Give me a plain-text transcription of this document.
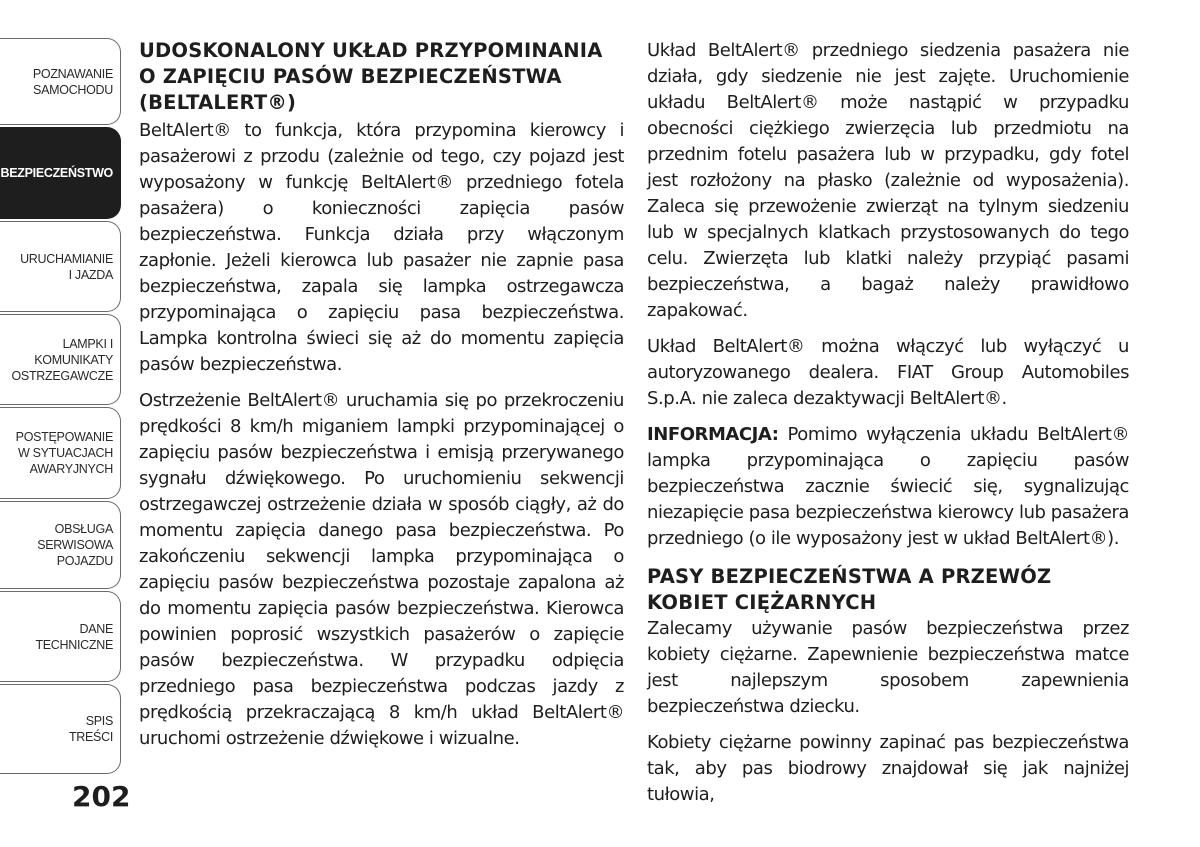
POZNAWANIE
SAMOCHODU
BEZPIECZEŃSTWO
URUCHAMIANIE
I JAZDA
LAMPKI I
KOMUNIKATY
OSTRZEGAWCZE
POSTĘPOWANIE
W SYTUACJACH
AWARYJNYCH
OBSŁUGA
SERWISOWA
POJAZDU
DANE
TECHNICZNE
SPIS
TREŚCI
202
UDOSKONALONY UKŁAD PRZYPOMINANIA O ZAPIĘCIU PASÓW BEZPIECZEŃSTWA (BELTALERT®)

BeltAlert® to funkcja, która przypomina kierowcy i pasażerowi z przodu (zależnie od tego, czy pojazd jest wyposażony w funkcję BeltAlert® przedniego fotela pasażera) o konieczności zapięcia pasów bezpieczeństwa. Funkcja działa przy włączonym zapłonie. Jeżeli kierowca lub pasażer nie zapnie pasa bezpieczeństwa, zapala się lampka ostrzegawcza przypominająca o zapięciu pasa bezpieczeństwa. Lampka kontrolna świeci się aż do momentu zapięcia pasów bezpieczeństwa.

Ostrzeżenie BeltAlert® uruchamia się po przekroczeniu prędkości 8 km/h miganiem lampki przypominającej o zapięciu pasów bezpieczeństwa i emisją przerywanego sygnału dźwiękowego. Po uruchomieniu sekwencji ostrzegawczej ostrzeżenie działa w sposób ciągły, aż do momentu zapięcia danego pasa bezpieczeństwa. Po zakończeniu sekwencji lampka przypominająca o zapięciu pasów bezpieczeństwa pozostaje zapalona aż do momentu zapięcia pasów bezpieczeństwa. Kierowca powinien poprosić wszystkich pasażerów o zapięcie pasów bezpieczeństwa. W przypadku odpięcia przedniego pasa bezpieczeństwa podczas jazdy z prędkością przekraczającą 8 km/h układ BeltAlert® uruchomi ostrzeżenie dźwiękowe i wizualne.

Układ BeltAlert® przedniego siedzenia pasażera nie działa, gdy siedzenie nie jest zajęte. Uruchomienie układu BeltAlert® może nastąpić w przypadku obecności ciężkiego zwierzęcia lub przedmiotu na przednim fotelu pasażera lub w przypadku, gdy fotel jest rozłożony na płasko (zależnie od wyposażenia). Zaleca się przewożenie zwierząt na tylnym siedzeniu lub w specjalnych klatkach przystosowanych do tego celu. Zwierzęta lub klatki należy przypiąć pasami bezpieczeństwa, a bagaż należy prawidłowo zapakować.

Układ BeltAlert® można włączyć lub wyłączyć u autoryzowanego dealera. FIAT Group Automobiles S.p.A. nie zaleca dezaktywacji BeltAlert®.

INFORMACJA: Pomimo wyłączenia układu BeltAlert® lampka przypominająca o zapięciu pasów bezpieczeństwa zacznie świecić się, sygnalizując niezapięcie pasa bezpieczeństwa kierowcy lub pasażera przedniego (o ile wyposażony jest w układ BeltAlert®).

PASY BEZPIECZEŃSTWA A PRZEWÓZ KOBIET CIĘŻARNYCH

Zalecamy używanie pasów bezpieczeństwa przez kobiety ciężarne. Zapewnienie bezpieczeństwa matce jest najlepszym sposobem zapewnienia bezpieczeństwa dziecku.

Kobiety ciężarne powinny zapinać pas bezpieczeństwa tak, aby pas biodrowy znajdował się jak najniżej tułowia,
